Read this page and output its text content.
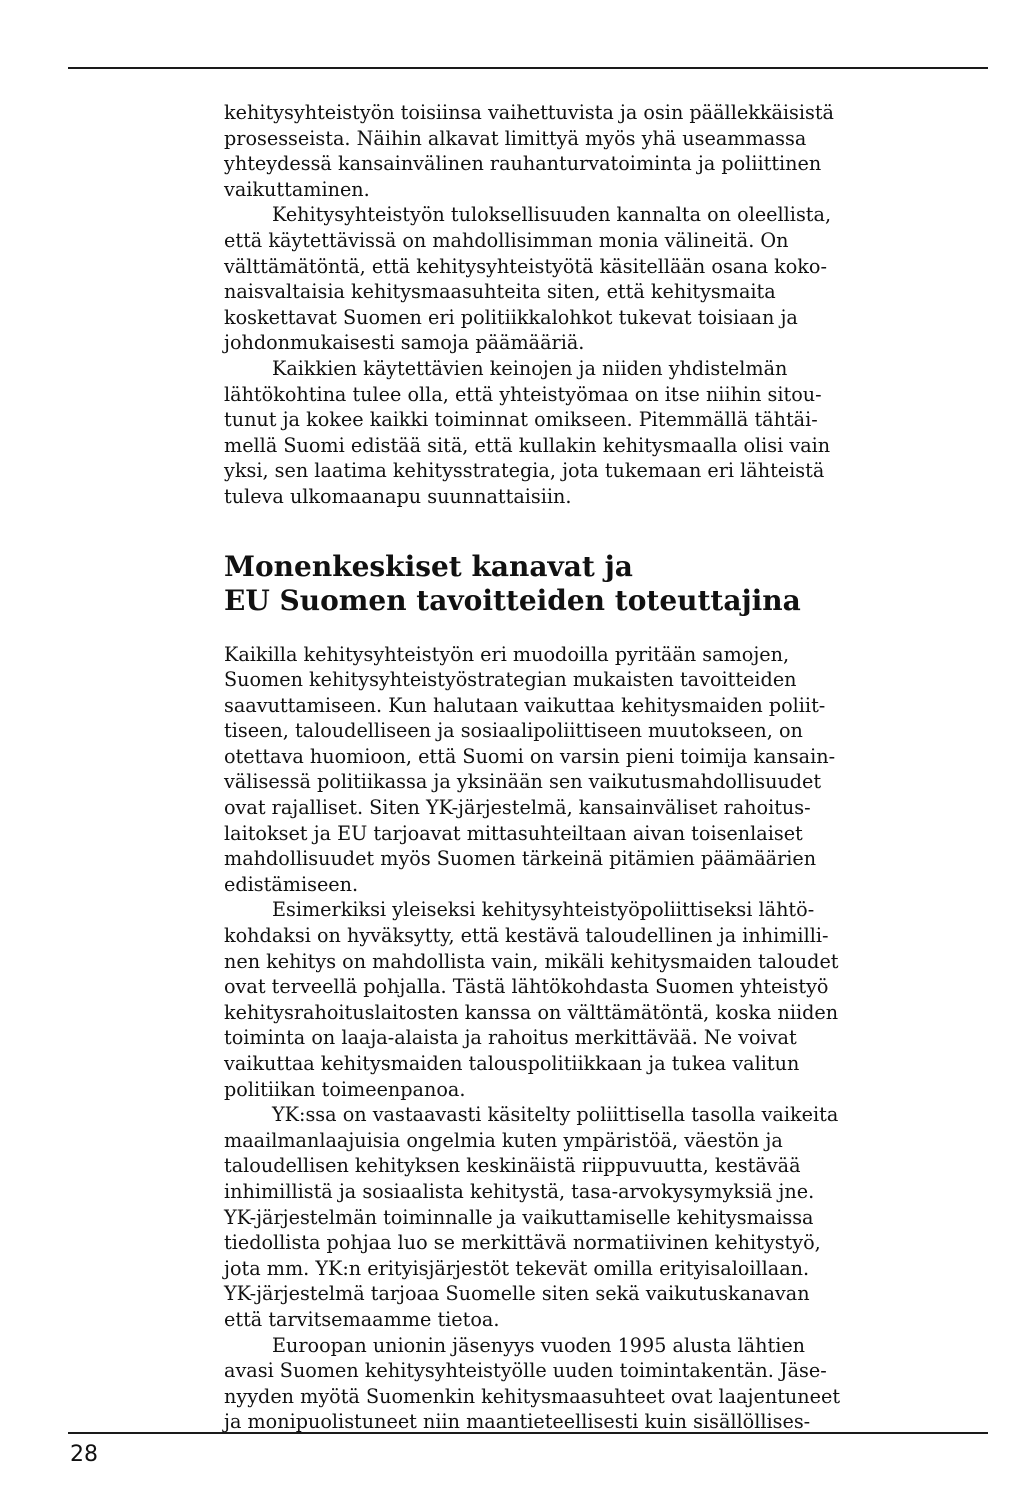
kehitysyhteistyön toisiinsa vaihettuvista ja osin päällekkäisistä
prosesseista. Näihin alkavat limittyä myös yhä useammassa
yhteydessä kansainvälinen rauhanturvatoiminta ja poliittinen
vaikuttaminen.

Kehitysyhteistyön tuloksellisuuden kannalta on oleellista,
että käytettävissä on mahdollisimman monia välineitä. On
välttämätöntä, että kehitysyhteistyötä käsitellään osana koko-
naisvaltaisia kehitysmaasuhteita siten, että kehitysmaita
koskettavat Suomen eri politiikkalohkot tukevat toisiaan ja
johdonmukaisesti samoja päämääriä.

Kaikkien käytettävien keinojen ja niiden yhdistelmän
lähtökohtina tulee olla, että yhteistyömaa on itse niihin sitou-
tunut ja kokee kaikki toiminnat omikseen. Pitemmällä tähtäi-
mellä Suomi edistää sitä, että kullakin kehitysmaalla olisi vain
yksi, sen laatima kehitysstrategia, jota tukemaan eri lähteistä
tuleva ulkomaanapu suunnattaisiin.

Monenkeskiset kanavat ja
EU Suomen tavoitteiden toteuttajina

Kaikilla kehitysyhteistyön eri muodoilla pyritään samojen,
Suomen kehitysyhteistyöstrategian mukaisten tavoitteiden
saavuttamiseen. Kun halutaan vaikuttaa kehitysmaiden poliit-
tiseen, taloudelliseen ja sosiaalipoliittiseen muutokseen, on
otettava huomioon, että Suomi on varsin pieni toimija kansain-
välisessä politiikassa ja yksinään sen vaikutusmahdollisuudet
ovat rajalliset. Siten YK-järjestelmä, kansainväliset rahoitus-
laitokset ja EU tarjoavat mittasuhteiltaan aivan toisenlaiset
mahdollisuudet myös Suomen tärkeinä pitämien päämäärien
edistämiseen.

Esimerkiksi yleiseksi kehitysyhteistyöpoliittiseksi lähtö-
kohdaksi on hyväksytty, että kestävä taloudellinen ja inhimilli-
nen kehitys on mahdollista vain, mikäli kehitysmaiden taloudet
ovat terveellä pohjalla. Tästä lähtökohdasta Suomen yhteistyö
kehitysrahoituslaitosten kanssa on välttämätöntä, koska niiden
toiminta on laaja-alaista ja rahoitus merkittävää. Ne voivat
vaikuttaa kehitysmaiden talouspolitiikkaan ja tukea valitun
politiikan toimeenpanoa.

YK:ssa on vastaavasti käsitelty poliittisella tasolla vaikeita
maailmanlaajuisia ongelmia kuten ympäristöä, väestön ja
taloudellisen kehityksen keskinäistä riippuvuutta, kestävää
inhimillistä ja sosiaalista kehitystä, tasa-arvokysymyksiä jne.
YK-järjestelmän toiminnalle ja vaikuttamiselle kehitysmaissa
tiedollista pohjaa luo se merkittävä normatiivinen kehitystyö,
jota mm. YK:n erityisjärjestöt tekevät omilla erityisaloillaan.
YK-järjestelmä tarjoaa Suomelle siten sekä vaikutuskanavan
että tarvitsemaamme tietoa.

Euroopan unionin jäsenyys vuoden 1995 alusta lähtien
avasi Suomen kehitysyhteistyölle uuden toimintakentän. Jäse-
nyyden myötä Suomenkin kehitysmaasuhteet ovat laajentuneet
ja monipuolistuneet niin maantieteellisesti kuin sisällöllises-

28
